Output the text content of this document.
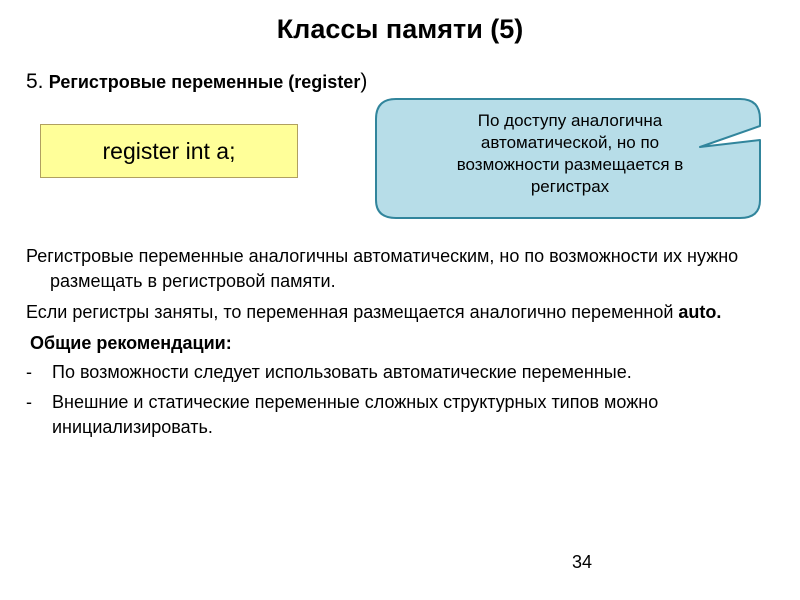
Классы памяти (5)
5. Регистровые переменные (register)
register int a;
По доступу аналогична
автоматической, но по
возможности размещается в
регистрах

Регистровые переменные аналогичны автоматическим, но по возможности их нужно размещать в регистровой памяти.

Если регистры заняты, то переменная размещается аналогично переменной auto.

Общие рекомендации:

- По возможности следует использовать автоматические переменные.
- Внешние и статические переменные сложных структурных типов можно инициализировать.
34
